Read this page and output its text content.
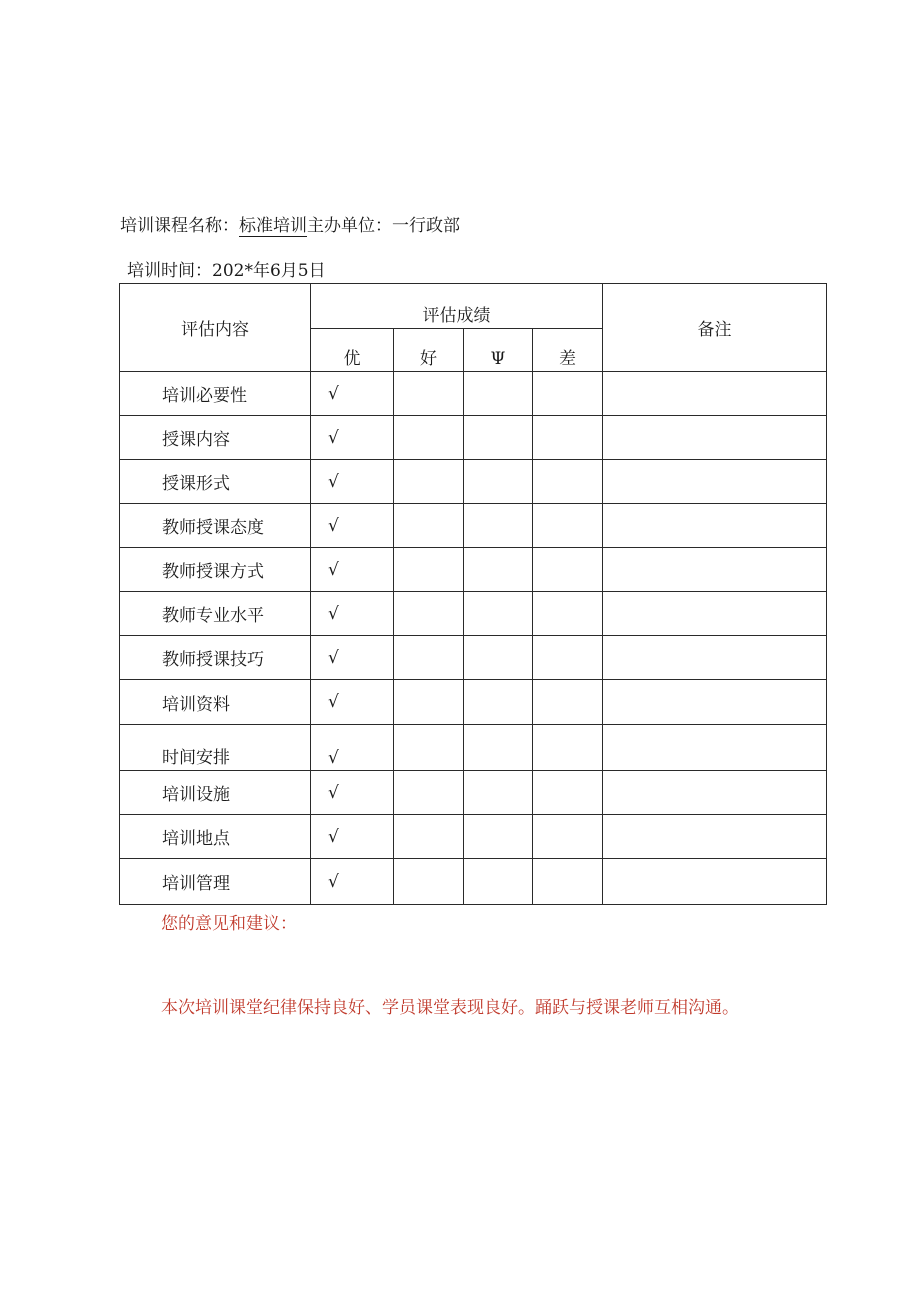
培训课程名称：标准培训主办单位：一行政部
培训时间：202*年6月5日
评估内容	评估成绩				备注
	优	好	Ψ	差	
培训必要性	√				
授课内容	√				
授课形式	√				
教师授课态度	√				
教师授课方式	√				
教师专业水平	√				
教师授课技巧	√				
培训资料	√				
时间安排	√				
培训设施	√				
培训地点	√				
培训管理	√				
您的意见和建议：
本次培训课堂纪律保持良好、学员课堂表现良好。踊跃与授课老师互相沟通。
